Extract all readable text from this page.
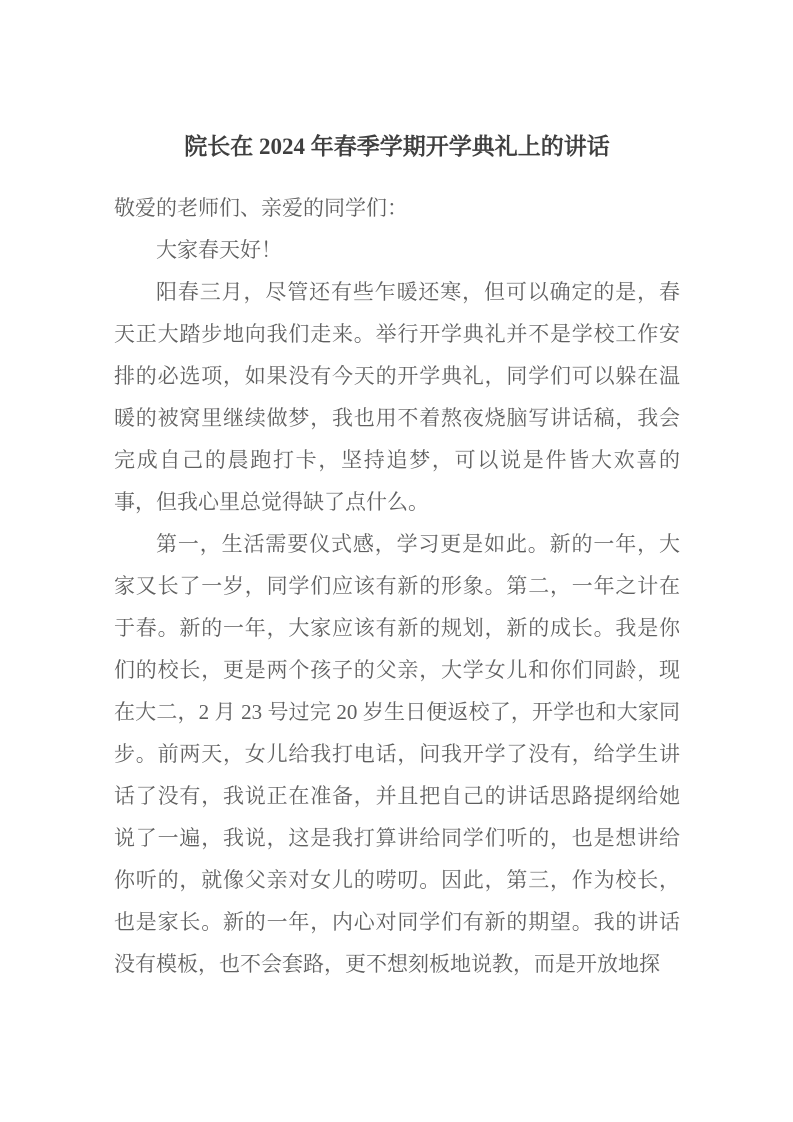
院长在 2024 年春季学期开学典礼上的讲话

敬爱的老师们、亲爱的同学们：

大家春天好！

阳春三月，尽管还有些乍暖还寒，但可以确定的是，春天正大踏步地向我们走来。举行开学典礼并不是学校工作安排的必选项，如果没有今天的开学典礼，同学们可以躲在温暖的被窝里继续做梦，我也用不着熬夜烧脑写讲话稿，我会完成自己的晨跑打卡，坚持追梦，可以说是件皆大欢喜的事，但我心里总觉得缺了点什么。

第一，生活需要仪式感，学习更是如此。新的一年，大家又长了一岁，同学们应该有新的形象。第二，一年之计在于春。新的一年，大家应该有新的规划，新的成长。我是你们的校长，更是两个孩子的父亲，大学女儿和你们同龄，现在大二，2 月 23 号过完 20 岁生日便返校了，开学也和大家同步。前两天，女儿给我打电话，问我开学了没有，给学生讲话了没有，我说正在准备，并且把自己的讲话思路提纲给她说了一遍，我说，这是我打算讲给同学们听的，也是想讲给你听的，就像父亲对女儿的唠叨。因此，第三，作为校长，也是家长。新的一年，内心对同学们有新的期望。我的讲话没有模板，也不会套路，更不想刻板地说教，而是开放地探
